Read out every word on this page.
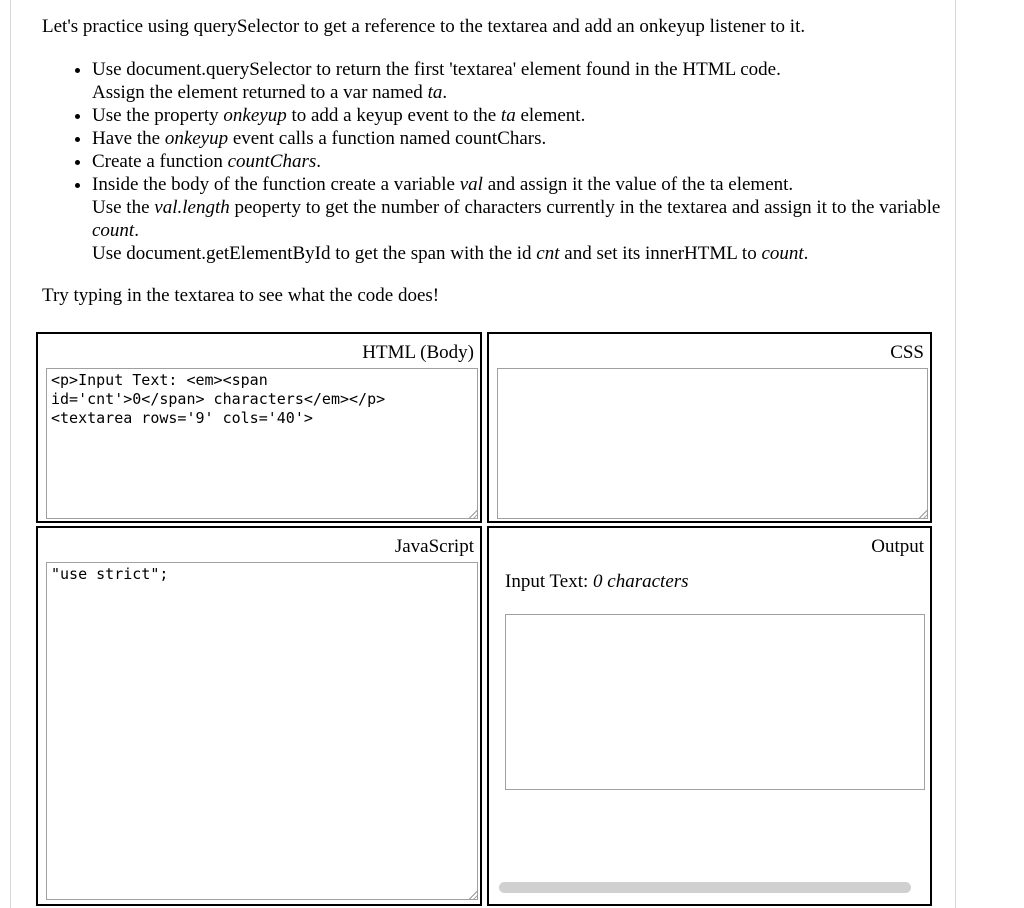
Let's practice using querySelector to get a reference to the textarea and add an onkeyup listener to it.

• Use document.querySelector to return the first 'textarea' element found in the HTML code.
Assign the element returned to a var named ta.
• Use the property onkeyup to add a keyup event to the ta element.
• Have the onkeyup event calls a function named countChars.
• Create a function countChars.
• Inside the body of the function create a variable val and assign it the value of the ta element.
Use the val.length peoperty to get the number of characters currently in the textarea and assign it to the variable count.
Use document.getElementById to get the span with the id cnt and set its innerHTML to count.

Try typing in the textarea to see what the code does!

HTML (Body)
<p>Input Text: <em><span
id='cnt'>0</span> characters</em></p>
<textarea rows='9' cols='40'>
CSS
JavaScript
"use strict";
Output

Input Text: 0 characters
